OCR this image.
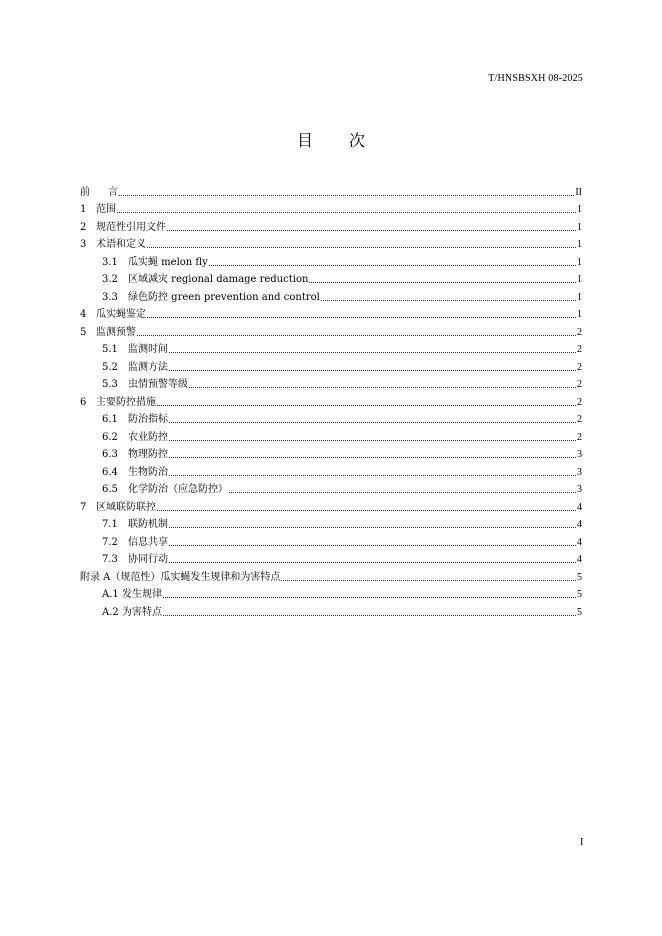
T/HNSBSXH 08-2025
目 次
前	言	II
1 范围	1
2 规范性引用文件	1
3 术语和定义	1
3.1	瓜实蝇 melon fly	1
3.2	区域减灾 regional damage reduction	1
3.3	绿色防控 green prevention and control	1
4 瓜实蝇鉴定	1
5 监测预警	2
5.1	监测时间	2
5.2	监测方法	2
5.3	虫情预警等级	2
6 主要防控措施	2
6.1	防治指标	2
6.2	农业防控	2
6.3	物理防控	3
6.4	生物防治	3
6.5	化学防治（应急防控）	3
7 区域联防联控	4
7.1	联防机制	4
7.2	信息共享	4
7.3	协同行动	4
附录 A（规范性）瓜实蝇发生规律和为害特点	5
A.1 发生规律	5
A.2 为害特点	5
I
